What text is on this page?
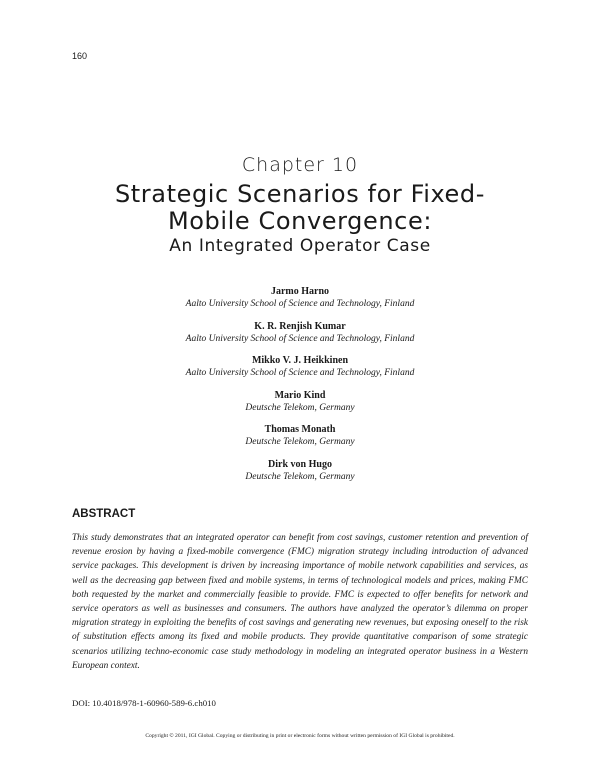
160
Chapter 10
Strategic Scenarios for Fixed-
Mobile Convergence:
An Integrated Operator Case
Jarmo Harno
Aalto University School of Science and Technology, Finland
K. R. Renjish Kumar
Aalto University School of Science and Technology, Finland
Mikko V. J. Heikkinen
Aalto University School of Science and Technology, Finland
Mario Kind
Deutsche Telekom, Germany
Thomas Monath
Deutsche Telekom, Germany
Dirk von Hugo
Deutsche Telekom, Germany
ABSTRACT
This study demonstrates that an integrated operator can benefit from cost savings, customer retention and prevention of revenue erosion by having a fixed-mobile convergence (FMC) migration strategy including introduction of advanced service packages. This development is driven by increasing importance of mobile network capabilities and services, as well as the decreasing gap between fixed and mobile systems, in terms of technological models and prices, making FMC both requested by the market and commercially feasible to provide. FMC is expected to offer benefits for network and service operators as well as businesses and consumers. The authors have analyzed the operator’s dilemma on proper migration strategy in exploiting the benefits of cost savings and generating new revenues, but exposing oneself to the risk of substitution effects among its fixed and mobile products. They provide quantitative comparison of some strategic scenarios utilizing techno-economic case study methodology in modeling an integrated operator business in a Western European context.
DOI: 10.4018/978-1-60960-589-6.ch010
Copyright © 2011, IGI Global. Copying or distributing in print or electronic forms without written permission of IGI Global is prohibited.
